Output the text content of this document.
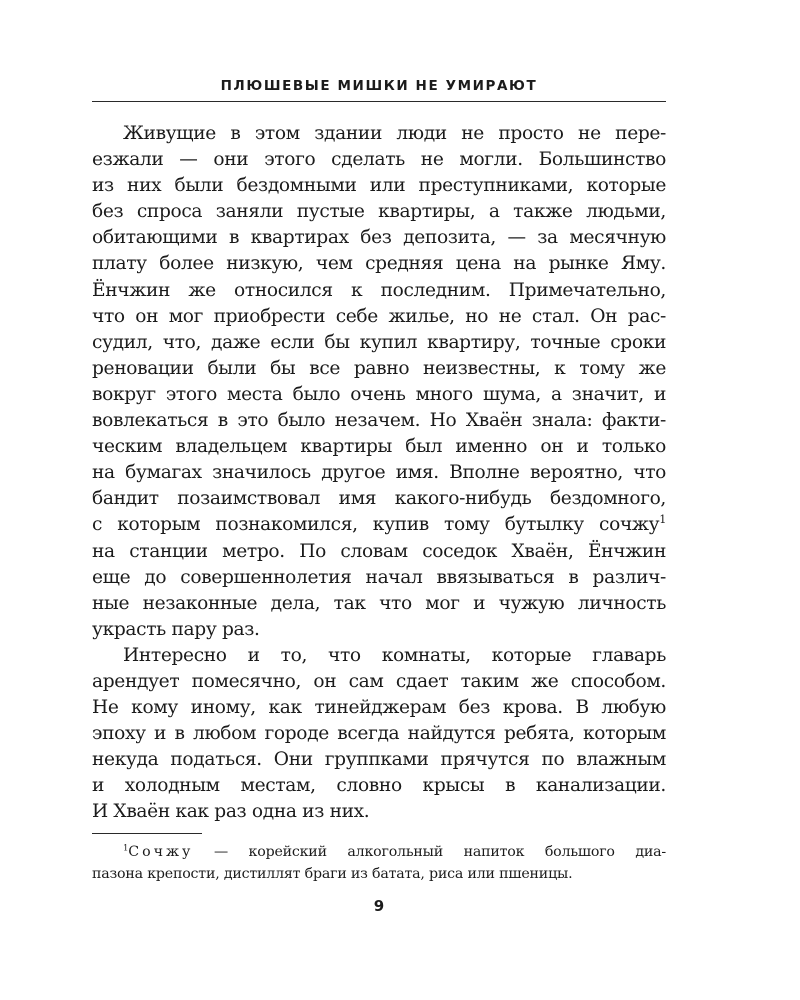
ПЛЮШЕВЫЕ МИШКИ НЕ УМИРАЮТ
Живущие в этом здании люди не просто не пере-
езжали — они этого сделать не могли. Большинство
из них были бездомными или преступниками, которые
без спроса заняли пустые квартиры, а также людьми,
обитающими в квартирах без депозита, — за месячную
плату более низкую, чем средняя цена на рынке Яму.
Ёнчжин же относился к последним. Примечательно,
что он мог приобрести себе жилье, но не стал. Он рас-
судил, что, даже если бы купил квартиру, точные сроки
реновации были бы все равно неизвестны, к тому же
вокруг этого места было очень много шума, а значит, и
вовлекаться в это было незачем. Но Хваён знала: факти-
ческим владельцем квартиры был именно он и только
на бумагах значилось другое имя. Вполне вероятно, что
бандит позаимствовал имя какого-нибудь бездомного,
с которым познакомился, купив тому бутылку сочжу$^1$
на станции метро. По словам соседок Хваён, Ёнчжин
еще до совершеннолетия начал ввязываться в различ-
ные незаконные дела, так что мог и чужую личность
украсть пару раз.
Интересно и то, что комнаты, которые главарь
арендует помесячно, он сам сдает таким же способом.
Не кому иному, как тинейджерам без крова. В любую
эпоху и в любом городе всегда найдутся ребята, которым
некуда податься. Они группками прячутся по влажным
и холодным местам, словно крысы в канализации.
И Хваён как раз одна из них.
$^1$Сочжу — корейский алкогольный напиток большого диа-
пазона крепости, дистиллят браги из батата, риса или пшеницы.
9
